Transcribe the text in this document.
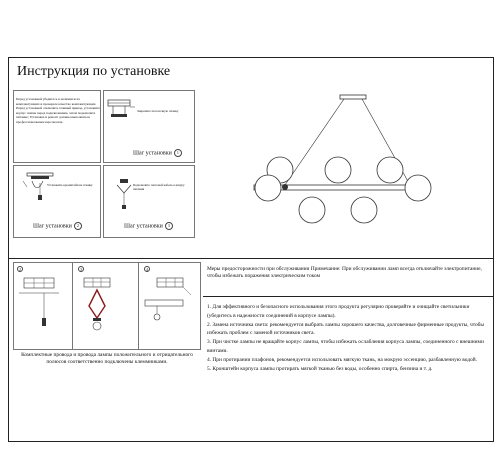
Инструкция по установке
Перед установкой убедитесь в наличии всех комплектующих и проверьте качество комплектующих. Перед установкой отключите главный привод, установите корпус лампы перед подключением, затем подключите питание; Установка и ремонт должны выполняться профессиональным персоналом.
Закрепите потолочную планку
Шаг установки 1
Установить кронштейн на планку
Шаг установки 2
Подключите световой кабель к шнуру питания
Шаг установки 3
2	3	4
Комплектные провода и провода лампы положительного и отрицательного полюсов соответственно подключены клеммниками.
Меры предосторожности при обслуживании Примечание: При обслуживании ламп всегда отключайте электропитание, чтобы избежать поражения электрическим током
1. Для эффективного и безопасного использования этого продукта регулярно проверяйте и очищайте светильники (убедитесь в надежности соединений в корпусе лампы).
2. Замена источника света: рекомендуется выбрать лампы хорошего качества, долговечные фирменные продукты, чтобы избежать проблем с заменой источников света.
3. При чистке лампы не вращайте корпус лампы, чтобы избежать ослабления корпуса лампы, соединенного с внешними винтами.
4. При протирании плафонов, рекомендуется использовать мягкую ткань, на мокрую эссенцию, разбавленную водой.
5. Кронштейн корпуса лампы протирать мягкой тканью без воды, особенно спирта, бензина и т. д.
